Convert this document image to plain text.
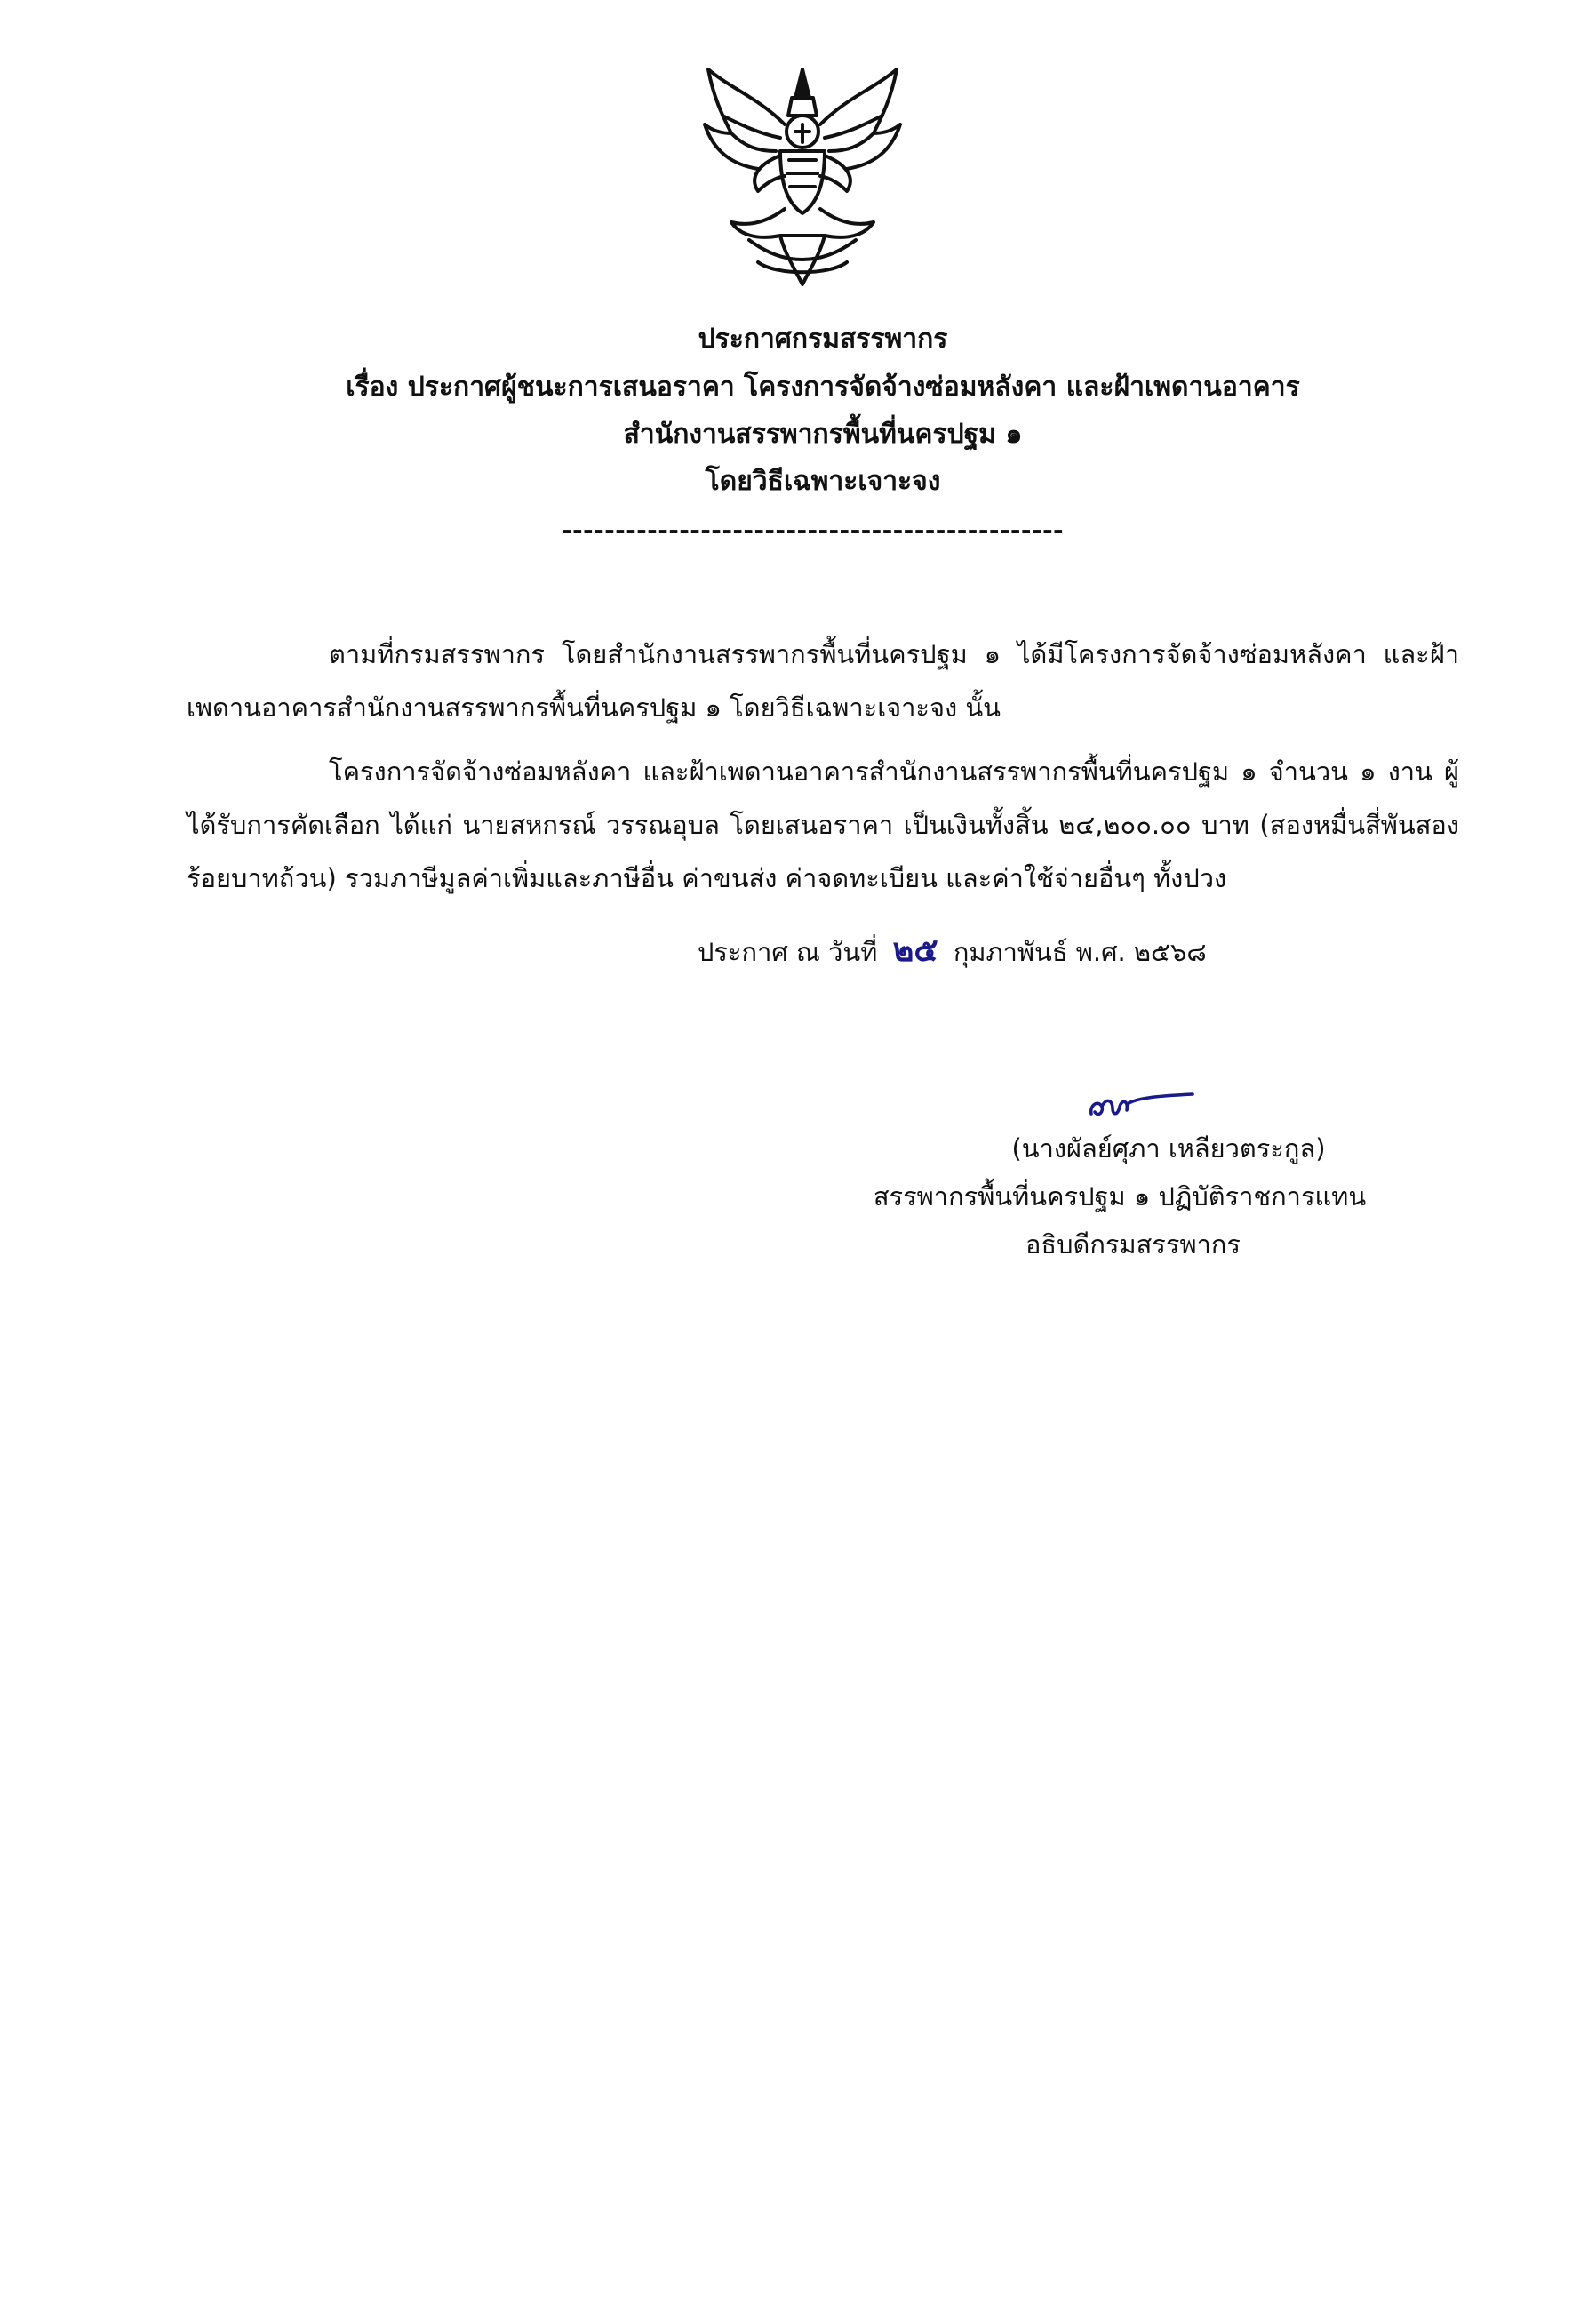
ประกาศกรมสรรพากร
เรื่อง ประกาศผู้ชนะการเสนอราคา โครงการจัดจ้างซ่อมหลังคา และฝ้าเพดานอาคาร
สำนักงานสรรพากรพื้นที่นครปฐม ๑
โดยวิธีเฉพาะเจาะจง
-----------------------------------------------
ตามที่กรมสรรพากร โดยสำนักงานสรรพากรพื้นที่นครปฐม ๑ ได้มีโครงการจัดจ้างซ่อมหลังคา และฝ้าเพดานอาคารสำนักงานสรรพากรพื้นที่นครปฐม ๑ โดยวิธีเฉพาะเจาะจง นั้น
โครงการจัดจ้างซ่อมหลังคา และฝ้าเพดานอาคารสำนักงานสรรพากรพื้นที่นครปฐม ๑ จำนวน ๑ งาน ผู้ได้รับการคัดเลือก ได้แก่ นายสหกรณ์ วรรณอุบล โดยเสนอราคา เป็นเงินทั้งสิ้น ๒๔,๒๐๐.๐๐ บาท (สองหมื่นสี่พันสองร้อยบาทถ้วน) รวมภาษีมูลค่าเพิ่มและภาษีอื่น ค่าขนส่ง ค่าจดทะเบียน และค่าใช้จ่ายอื่นๆ ทั้งปวง
ประกาศ ณ วันที่ ๒๕ กุมภาพันธ์ พ.ศ. ๒๕๖๘
(นางผัลย์ศุภา เหลียวตระกูล)
สรรพากรพื้นที่นครปฐม ๑ ปฏิบัติราชการแทน
อธิบดีกรมสรรพากร
